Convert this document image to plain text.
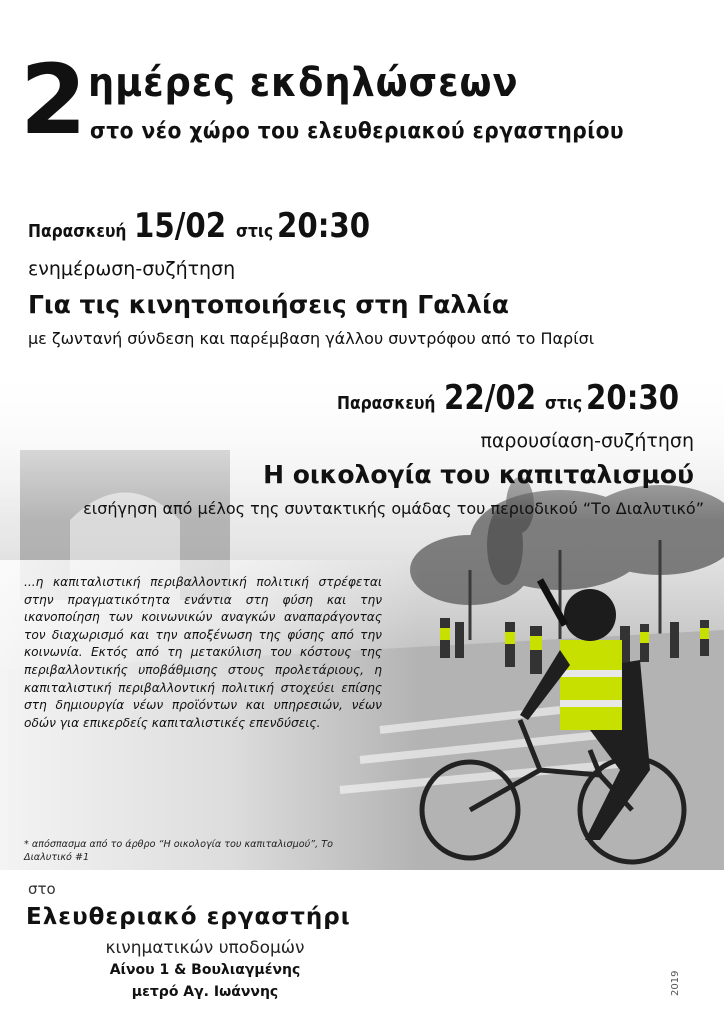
2 ημέρες εκδηλώσεων
στο νέο χώρο του ελευθεριακού εργαστηρίου
Παρασκευή 15/02 στις 20:30
ενημέρωση-συζήτηση
Για τις κινητοποιήσεις στη Γαλλία
με ζωντανή σύνδεση και παρέμβαση γάλλου συντρόφου από το Παρίσι
Παρασκευή 22/02 στις 20:30
παρουσίαση-συζήτηση
Η οικολογία του καπιταλισμού
εισήγηση από μέλος της συντακτικής ομάδας του περιοδικού “Το Διαλυτικό”
...η καπιταλιστική περιβαλλοντική πολιτική στρέφεται στην πραγματικότητα ενάντια στη φύση και την ικανοποίηση των κοινωνικών αναγκών αναπαράγοντας τον διαχωρισμό και την αποξένωση της φύσης από την κοινωνία. Εκτός από τη μετακύλιση του κόστους της περιβαλλοντικής υποβάθμισης στους προλετάριους, η καπιταλιστική περιβαλλοντική πολιτική στοχεύει επίσης στη δημιουργία νέων προϊόντων και υπηρεσιών, νέων οδών για επικερδείς καπιταλιστικές επενδύσεις.
* απόσπασμα από το άρθρο “Η οικολογία του καπιταλισμού”, Το Διαλυτικό #1
στο
Ελευθεριακό εργαστήρι
κινηματικών υποδομών
Αίνου 1 & Βουλιαγμένης
μετρό Αγ. Ιωάννης	2019
